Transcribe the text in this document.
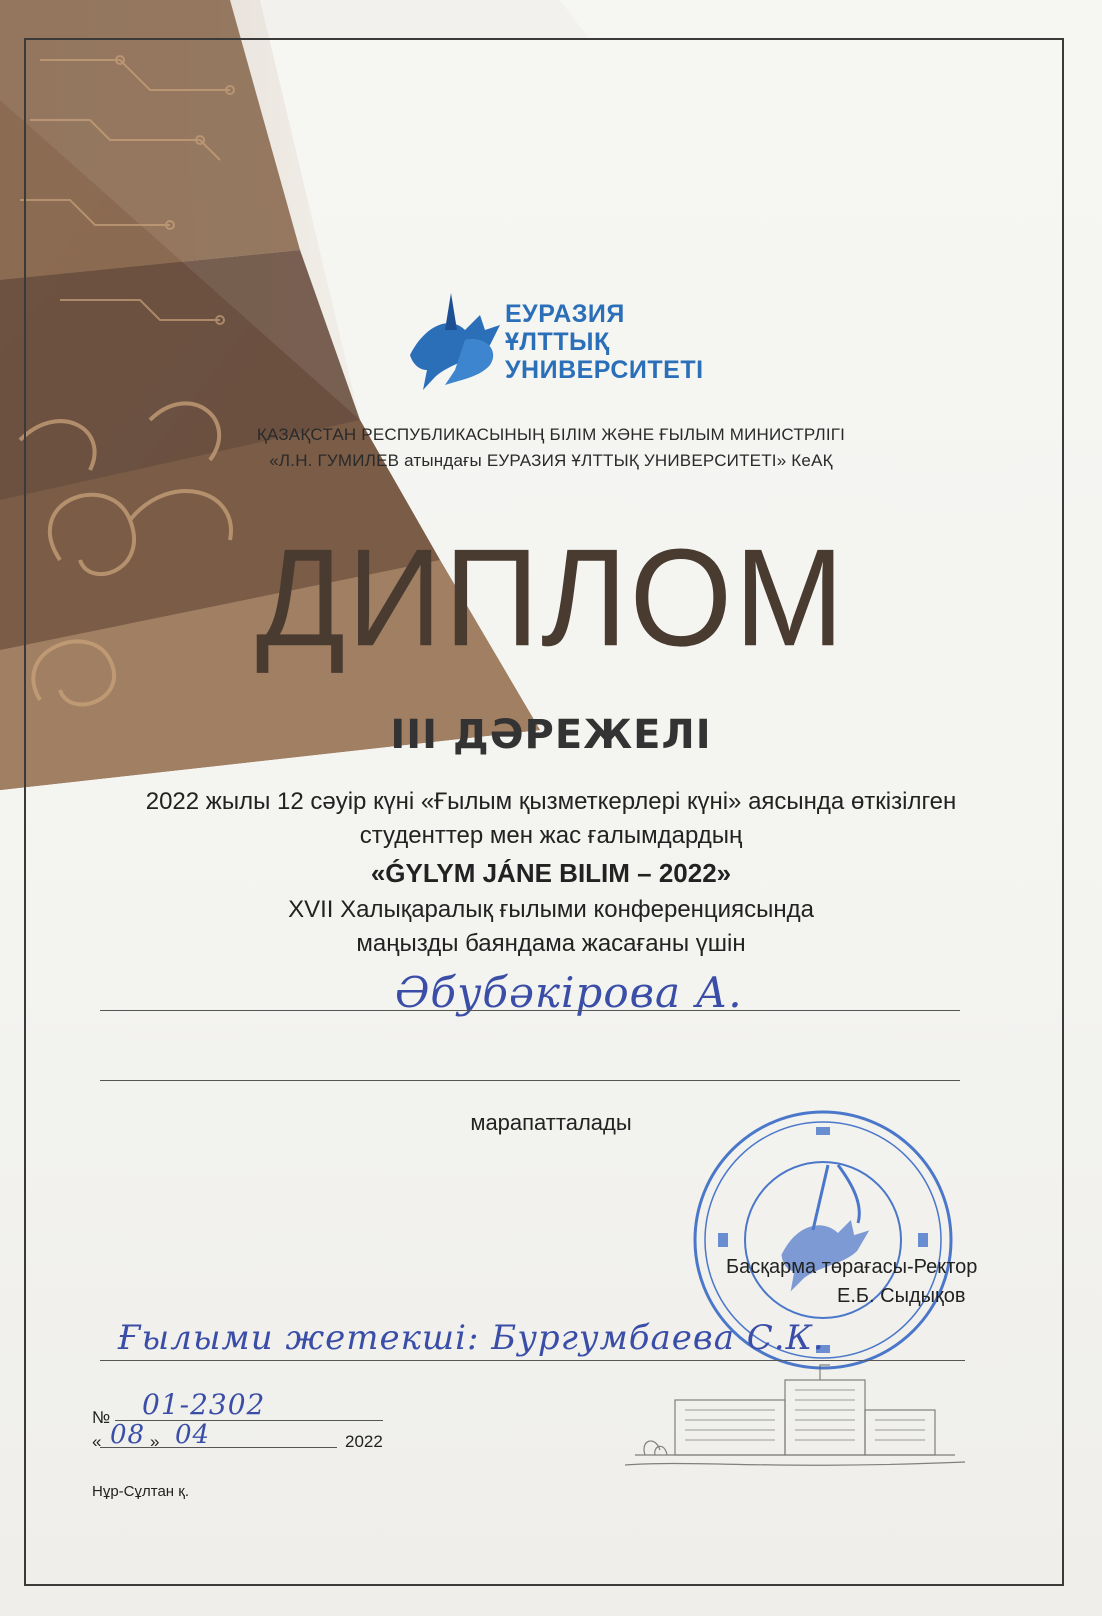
ЕУРАЗИЯ
ҰЛТТЫҚ
УНИВЕРСИТЕТІ
ҚАЗАҚСТАН РЕСПУБЛИКАСЫНЫҢ БІЛІМ ЖӘНЕ ҒЫЛЫМ МИНИСТРЛІГІ
«Л.Н. ГУМИЛЕВ атындағы ЕУРАЗИЯ ҰЛТТЫҚ УНИВЕРСИТЕТІ» КеАҚ
ДИПЛОМ
III ДӘРЕЖЕЛІ
2022 жылы 12 сәуір күні «Ғылым қызметкерлері күні» аясында өткізілген
студенттер мен жас ғалымдардың
«ǴYLYM JÁNE BILIM – 2022»
XVII Халықаралық ғылыми конференциясында
маңызды баяндама жасағаны үшін
Әбубәкірова А.
марапатталады
Басқарма төрағасы-Ректор
Е.Б. Сыдықов
Ғылыми жетекші: Бургумбаева С.К.
№ 01-2302
« 08 » 04	2022
Нұр-Сұлтан қ.
